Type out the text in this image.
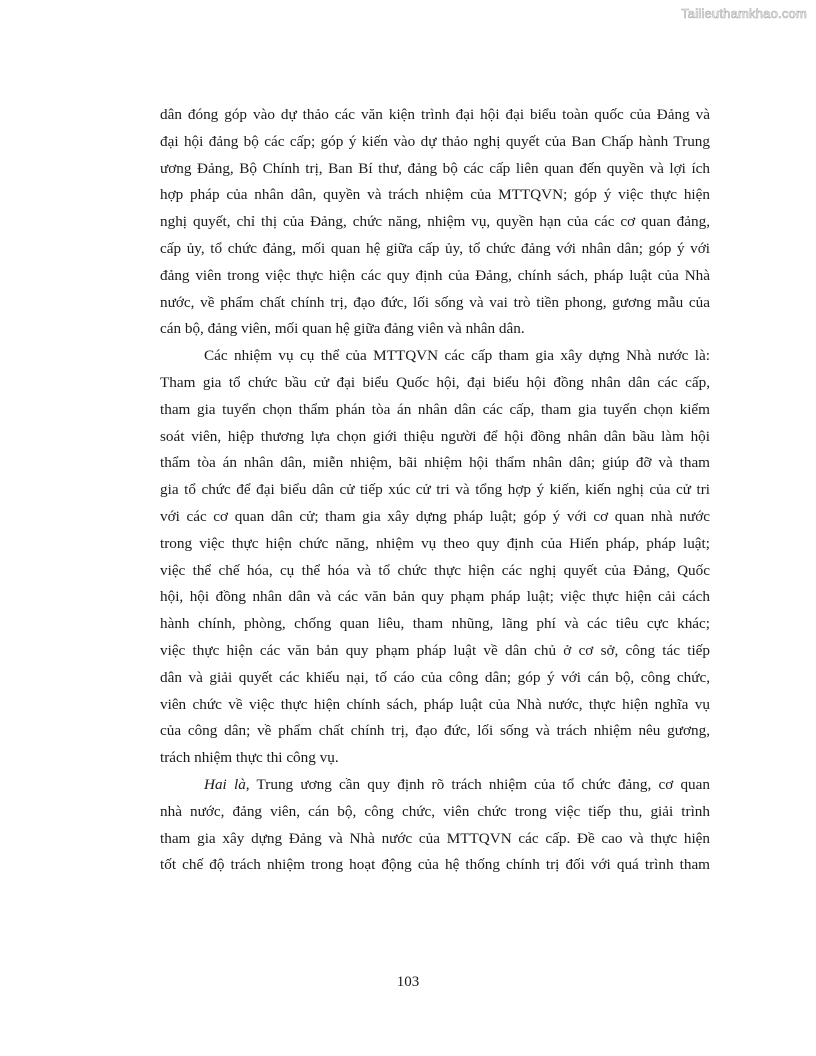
Tailieuthamkhao.com
dân đóng góp vào dự thảo các văn kiện trình đại hội đại biểu toàn quốc của Đảng và
đại hội đảng bộ các cấp; góp ý kiến vào dự thảo nghị quyết của Ban Chấp hành Trung
ương Đảng, Bộ Chính trị, Ban Bí thư, đảng bộ các cấp liên quan đến quyền và lợi ích
hợp pháp của nhân dân, quyền và trách nhiệm của MTTQVN; góp ý việc thực hiện
nghị quyết, chỉ thị của Đảng, chức năng, nhiệm vụ, quyền hạn của các cơ quan đảng,
cấp ủy, tổ chức đảng, mối quan hệ giữa cấp ủy, tổ chức đảng với nhân dân; góp ý với
đảng viên trong việc thực hiện các quy định của Đảng, chính sách, pháp luật của Nhà
nước, về phẩm chất chính trị, đạo đức, lối sống và vai trò tiền phong, gương mẫu của
cán bộ, đảng viên, mối quan hệ giữa đảng viên và nhân dân.
Các nhiệm vụ cụ thể của MTTQVN các cấp tham gia xây dựng Nhà nước là:
Tham gia tổ chức bầu cử đại biểu Quốc hội, đại biểu hội đồng nhân dân các cấp,
tham gia tuyển chọn thẩm phán tòa án nhân dân các cấp, tham gia tuyển chọn kiểm
soát viên, hiệp thương lựa chọn giới thiệu người để hội đồng nhân dân bầu làm hội
thẩm tòa án nhân dân, miễn nhiệm, bãi nhiệm hội thẩm nhân dân; giúp đỡ và tham
gia tổ chức để đại biểu dân cử tiếp xúc cử tri và tổng hợp ý kiến, kiến nghị của cử tri
với các cơ quan dân cử; tham gia xây dựng pháp luật; góp ý với cơ quan nhà nước
trong việc thực hiện chức năng, nhiệm vụ theo quy định của Hiến pháp, pháp luật;
việc thể chế hóa, cụ thể hóa và tổ chức thực hiện các nghị quyết của Đảng, Quốc
hội, hội đồng nhân dân và các văn bản quy phạm pháp luật; việc thực hiện cải cách
hành chính, phòng, chống quan liêu, tham nhũng, lãng phí và các tiêu cực khác;
việc thực hiện các văn bản quy phạm pháp luật về dân chủ ở cơ sở, công tác tiếp
dân và giải quyết các khiếu nại, tố cáo của công dân; góp ý với cán bộ, công chức,
viên chức về việc thực hiện chính sách, pháp luật của Nhà nước, thực hiện nghĩa vụ
của công dân; về phẩm chất chính trị, đạo đức, lối sống và trách nhiệm nêu gương,
trách nhiệm thực thi công vụ.
Hai là, Trung ương cần quy định rõ trách nhiệm của tổ chức đảng, cơ quan
nhà nước, đảng viên, cán bộ, công chức, viên chức trong việc tiếp thu, giải trình
tham gia xây dựng Đảng và Nhà nước của MTTQVN các cấp. Đề cao và thực hiện
tốt chế độ trách nhiệm trong hoạt động của hệ thống chính trị đối với quá trình tham
103
